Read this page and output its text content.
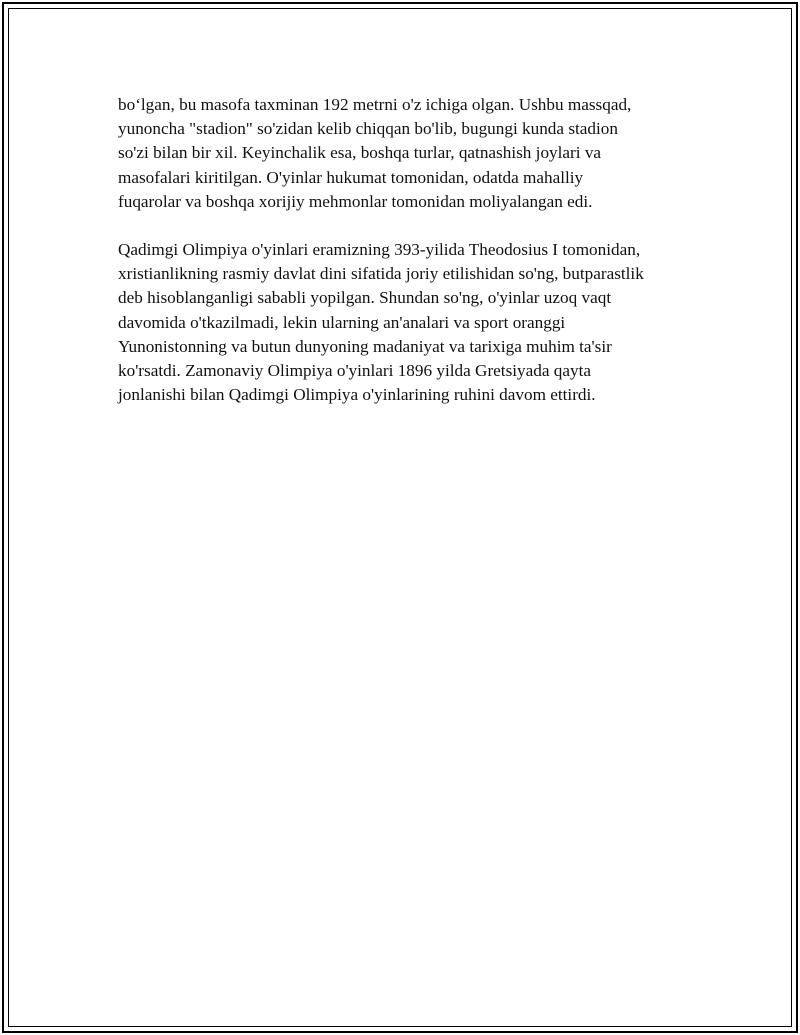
boʻlgan, bu masofa taxminan 192 metrni o'z ichiga olgan. Ushbu massqad,
yunoncha "stadion" so'zidan kelib chiqqan bo'lib, bugungi kunda stadion
so'zi bilan bir xil. Keyinchalik esa, boshqa turlar, qatnashish joylari va
masofalari kiritilgan. O'yinlar hukumat tomonidan, odatda mahalliy
fuqarolar va boshqa xorijiy mehmonlar tomonidan moliyalangan edi.

Qadimgi Olimpiya o'yinlari eramizning 393-yilida Theodosius I tomonidan,
xristianlikning rasmiy davlat dini sifatida joriy etilishidan so'ng, butparastlik
deb hisoblanganligi sababli yopilgan. Shundan so'ng, o'yinlar uzoq vaqt
davomida o'tkazilmadi, lekin ularning an'analari va sport oranggi
Yunonistonning va butun dunyoning madaniyat va tarixiga muhim ta'sir
ko'rsatdi. Zamonaviy Olimpiya o'yinlari 1896 yilda Gretsiyada qayta
jonlanishi bilan Qadimgi Olimpiya o'yinlarining ruhini davom ettirdi.
